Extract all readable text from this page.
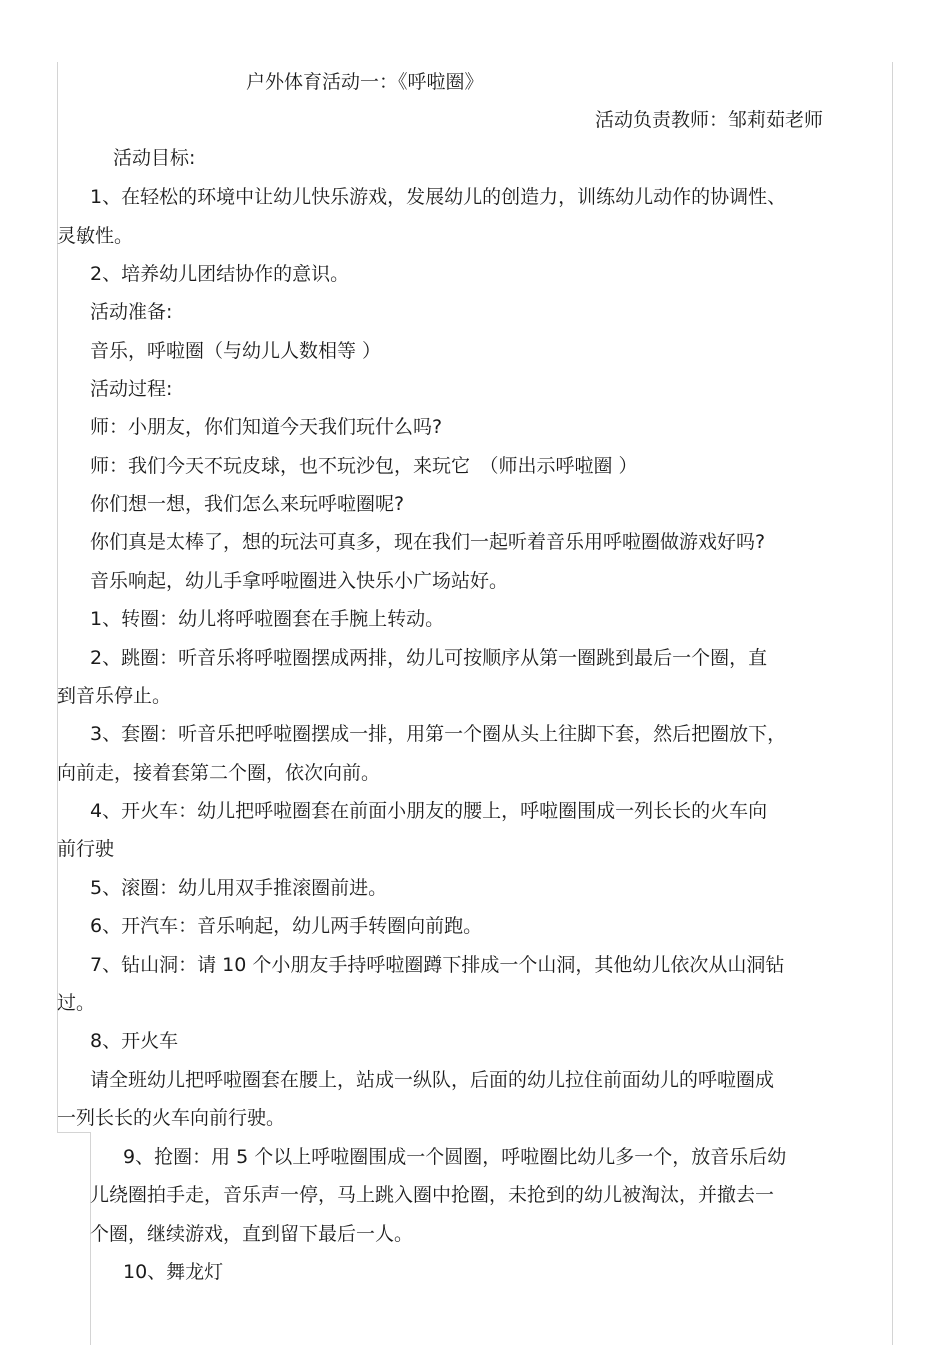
户外体育活动一：《呼啦圈》
活动负责教师：邹莉茹老师
活动目标:
1、在轻松的环境中让幼儿快乐游戏，发展幼儿的创造力，训练幼儿动作的协调性、
灵敏性。
2、培养幼儿团结协作的意识。
活动准备:
音乐，呼啦圈（与幼儿人数相等 ）
活动过程:
师：小朋友，你们知道今天我们玩什么吗?
师：我们今天不玩皮球，也不玩沙包，来玩它　（师出示呼啦圈 ）
你们想一想，我们怎么来玩呼啦圈呢?
你们真是太棒了，想的玩法可真多，现在我们一起听着音乐用呼啦圈做游戏好吗?
音乐响起，幼儿手拿呼啦圈进入快乐小广场站好。
1、转圈：幼儿将呼啦圈套在手腕上转动。
2、跳圈：听音乐将呼啦圈摆成两排，幼儿可按顺序从第一圈跳到最后一个圈，直
到音乐停止。
3、套圈：听音乐把呼啦圈摆成一排，用第一个圈从头上往脚下套，然后把圈放下，
向前走，接着套第二个圈，依次向前。
4、开火车：幼儿把呼啦圈套在前面小朋友的腰上，呼啦圈围成一列长长的火车向
前行驶
5、滚圈：幼儿用双手推滚圈前进。
6、开汽车：音乐响起，幼儿两手转圈向前跑。
7、钻山洞：请 10 个小朋友手持呼啦圈蹲下排成一个山洞，其他幼儿依次从山洞钻
过。
8、开火车
请全班幼儿把呼啦圈套在腰上，站成一纵队，后面的幼儿拉住前面幼儿的呼啦圈成
一列长长的火车向前行驶。
9、抢圈：用 5 个以上呼啦圈围成一个圆圈，呼啦圈比幼儿多一个，放音乐后幼
儿绕圈拍手走，音乐声一停，马上跳入圈中抢圈，未抢到的幼儿被淘汰，并撤去一
个圈，继续游戏，直到留下最后一人。
10、舞龙灯
